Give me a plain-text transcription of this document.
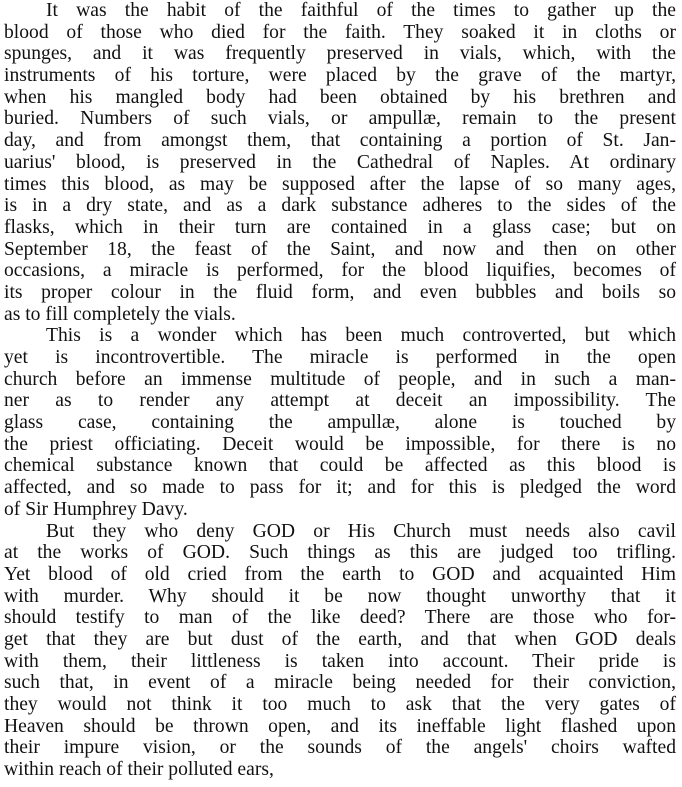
It was the habit of the faithful of the times to gather up the
blood of those who died for the faith. They soaked it in cloths or
spunges, and it was frequently preserved in vials, which, with the
instruments of his torture, were placed by the grave of the martyr,
when his mangled body had been obtained by his brethren and
buried. Numbers of such vials, or ampullæ, remain to the present
day, and from amongst them, that containing a portion of St. Jan-
uarius' blood, is preserved in the Cathedral of Naples. At ordinary
times this blood, as may be supposed after the lapse of so many ages,
is in a dry state, and as a dark substance adheres to the sides of the
flasks, which in their turn are contained in a glass case; but on
September 18, the feast of the Saint, and now and then on other
occasions, a miracle is performed, for the blood liquifies, becomes of
its proper colour in the fluid form, and even bubbles and boils so
as to fill completely the vials.

This is a wonder which has been much controverted, but which
yet is incontrovertible. The miracle is performed in the open
church before an immense multitude of people, and in such a man-
ner as to render any attempt at deceit an impossibility. The
glass case, containing the ampullæ, alone is touched by
the priest officiating. Deceit would be impossible, for there is no
chemical substance known that could be affected as this blood is
affected, and so made to pass for it; and for this is pledged the word
of Sir Humphrey Davy.

But they who deny GOD or His Church must needs also cavil
at the works of GOD. Such things as this are judged too trifling.
Yet blood of old cried from the earth to GOD and acquainted Him
with murder. Why should it be now thought unworthy that it
should testify to man of the like deed? There are those who for-
get that they are but dust of the earth, and that when GOD deals
with them, their littleness is taken into account. Their pride is
such that, in event of a miracle being needed for their conviction,
they would not think it too much to ask that the very gates of
Heaven should be thrown open, and its ineffable light flashed upon
their impure vision, or the sounds of the angels' choirs wafted
within reach of their polluted ears,
